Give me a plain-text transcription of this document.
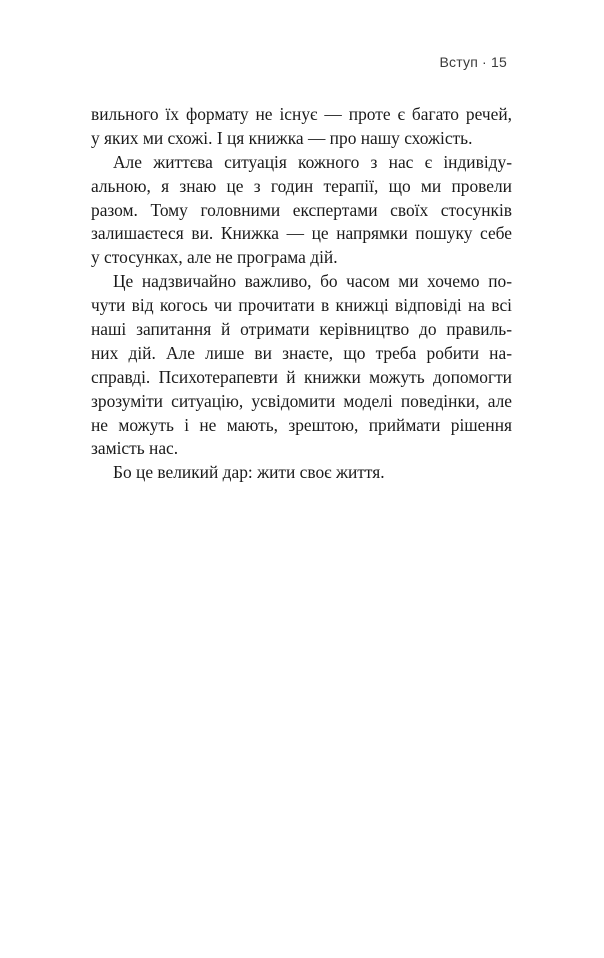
Вступ · 15
вильного їх формату не існує — проте є багато речей,
у яких ми схожі. І ця книжка — про нашу схожість.
Але життєва ситуація кожного з нас є індивіду-
альною, я знаю це з годин терапії, що ми провели
разом. Тому головними експертами своїх стосунків
залишаєтеся ви. Книжка — це напрямки пошуку себе
у стосунках, але не програма дій.
Це надзвичайно важливо, бо часом ми хочемо по-
чути від когось чи прочитати в книжці відповіді на всі
наші запитання й отримати керівництво до правиль-
них дій. Але лише ви знаєте, що треба робити на-
справді. Психотерапевти й книжки можуть допомогти
зрозуміти ситуацію, усвідомити моделі поведінки, але
не можуть і не мають, зрештою, приймати рішення
замість нас.
Бо це великий дар: жити своє життя.
